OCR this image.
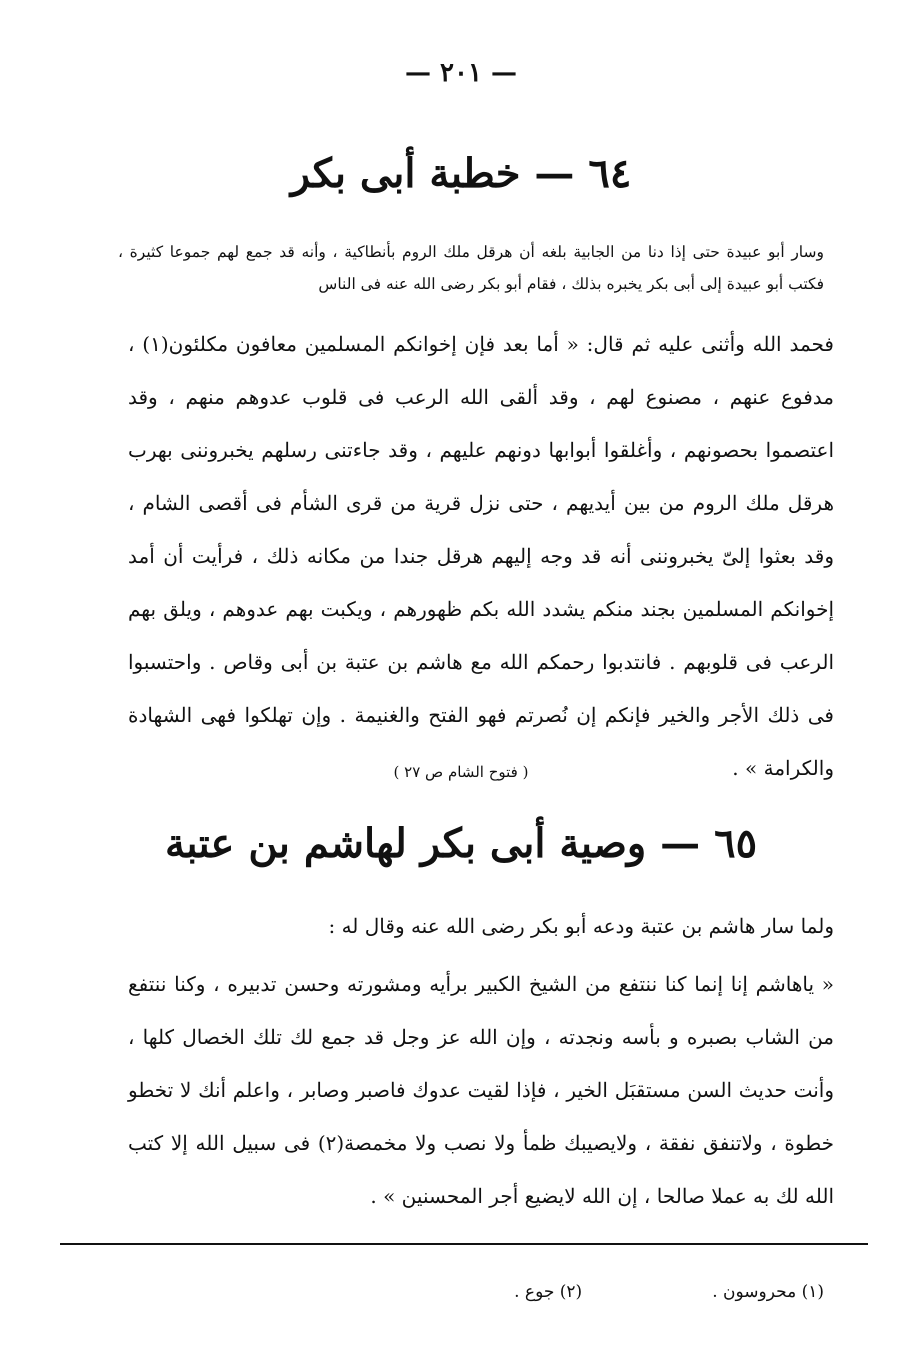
— ٢٠١ —
٦٤ — خطبة أبى بكر
وسار أبو عبيدة حتى إذا دنا من الجابية بلغه أن هرقل ملك الروم بأنطاكية ، وأنه قد جمع لهم جموعا كثيرة ، فكتب أبو عبيدة إلى أبى بكر يخبره بذلك ، فقام أبو بكر رضى الله عنه فى الناس
فحمد الله وأثنى عليه ثم قال: « أما بعد فإن إخوانكم المسلمين معافون مكلئون(١) ، مدفوع عنهم ، مصنوع لهم ، وقد ألقى الله الرعب فى قلوب عدوهم منهم ، وقد اعتصموا بحصونهم ، وأغلقوا أبوابها دونهم عليهم ، وقد جاءتنى رسلهم يخبروننى بهرب هرقل ملك الروم من بين أيديهم ، حتى نزل قرية من قرى الشأم فى أقصى الشام ، وقد بعثوا إلىّ يخبروننى أنه قد وجه إليهم هرقل جندا من مكانه ذلك ، فرأيت أن أمد إخوانكم المسلمين بجند منكم يشدد الله بكم ظهورهم ، ويكبت بهم عدوهم ، ويلق بهم الرعب فى قلوبهم . فانتدبوا رحمكم الله مع هاشم بن عتبة بن أبى وقاص . واحتسبوا فى ذلك الأجر والخير فإنكم إن نُصرتم فهو الفتح والغنيمة . وإن تهلكوا فهى الشهادة والكرامة » .
( فتوح الشام ص ٢٧ )
٦٥ — وصية أبى بكر لهاشم بن عتبة
ولما سار هاشم بن عتبة ودعه أبو بكر رضى الله عنه وقال له :
« ياهاشم إنا إنما كنا ننتفع من الشيخ الكبير برأيه ومشورته وحسن تدبيره ، وكنا ننتفع من الشاب بصبره و بأسه ونجدته ، وإن الله عز وجل قد جمع لك تلك الخصال كلها ، وأنت حديث السن مستقبَل الخير ، فإذا لقيت عدوك فاصبر وصابر ، واعلم أنك لا تخطو خطوة ، ولاتنفق نفقة ، ولايصيبك ظمأ ولا نصب ولا مخمصة(٢) فى سبيل الله إلا كتب الله لك به عملا صالحا ، إن الله لايضيع أجر المحسنين » .
(١) محروسون .
(٢) جوع .
